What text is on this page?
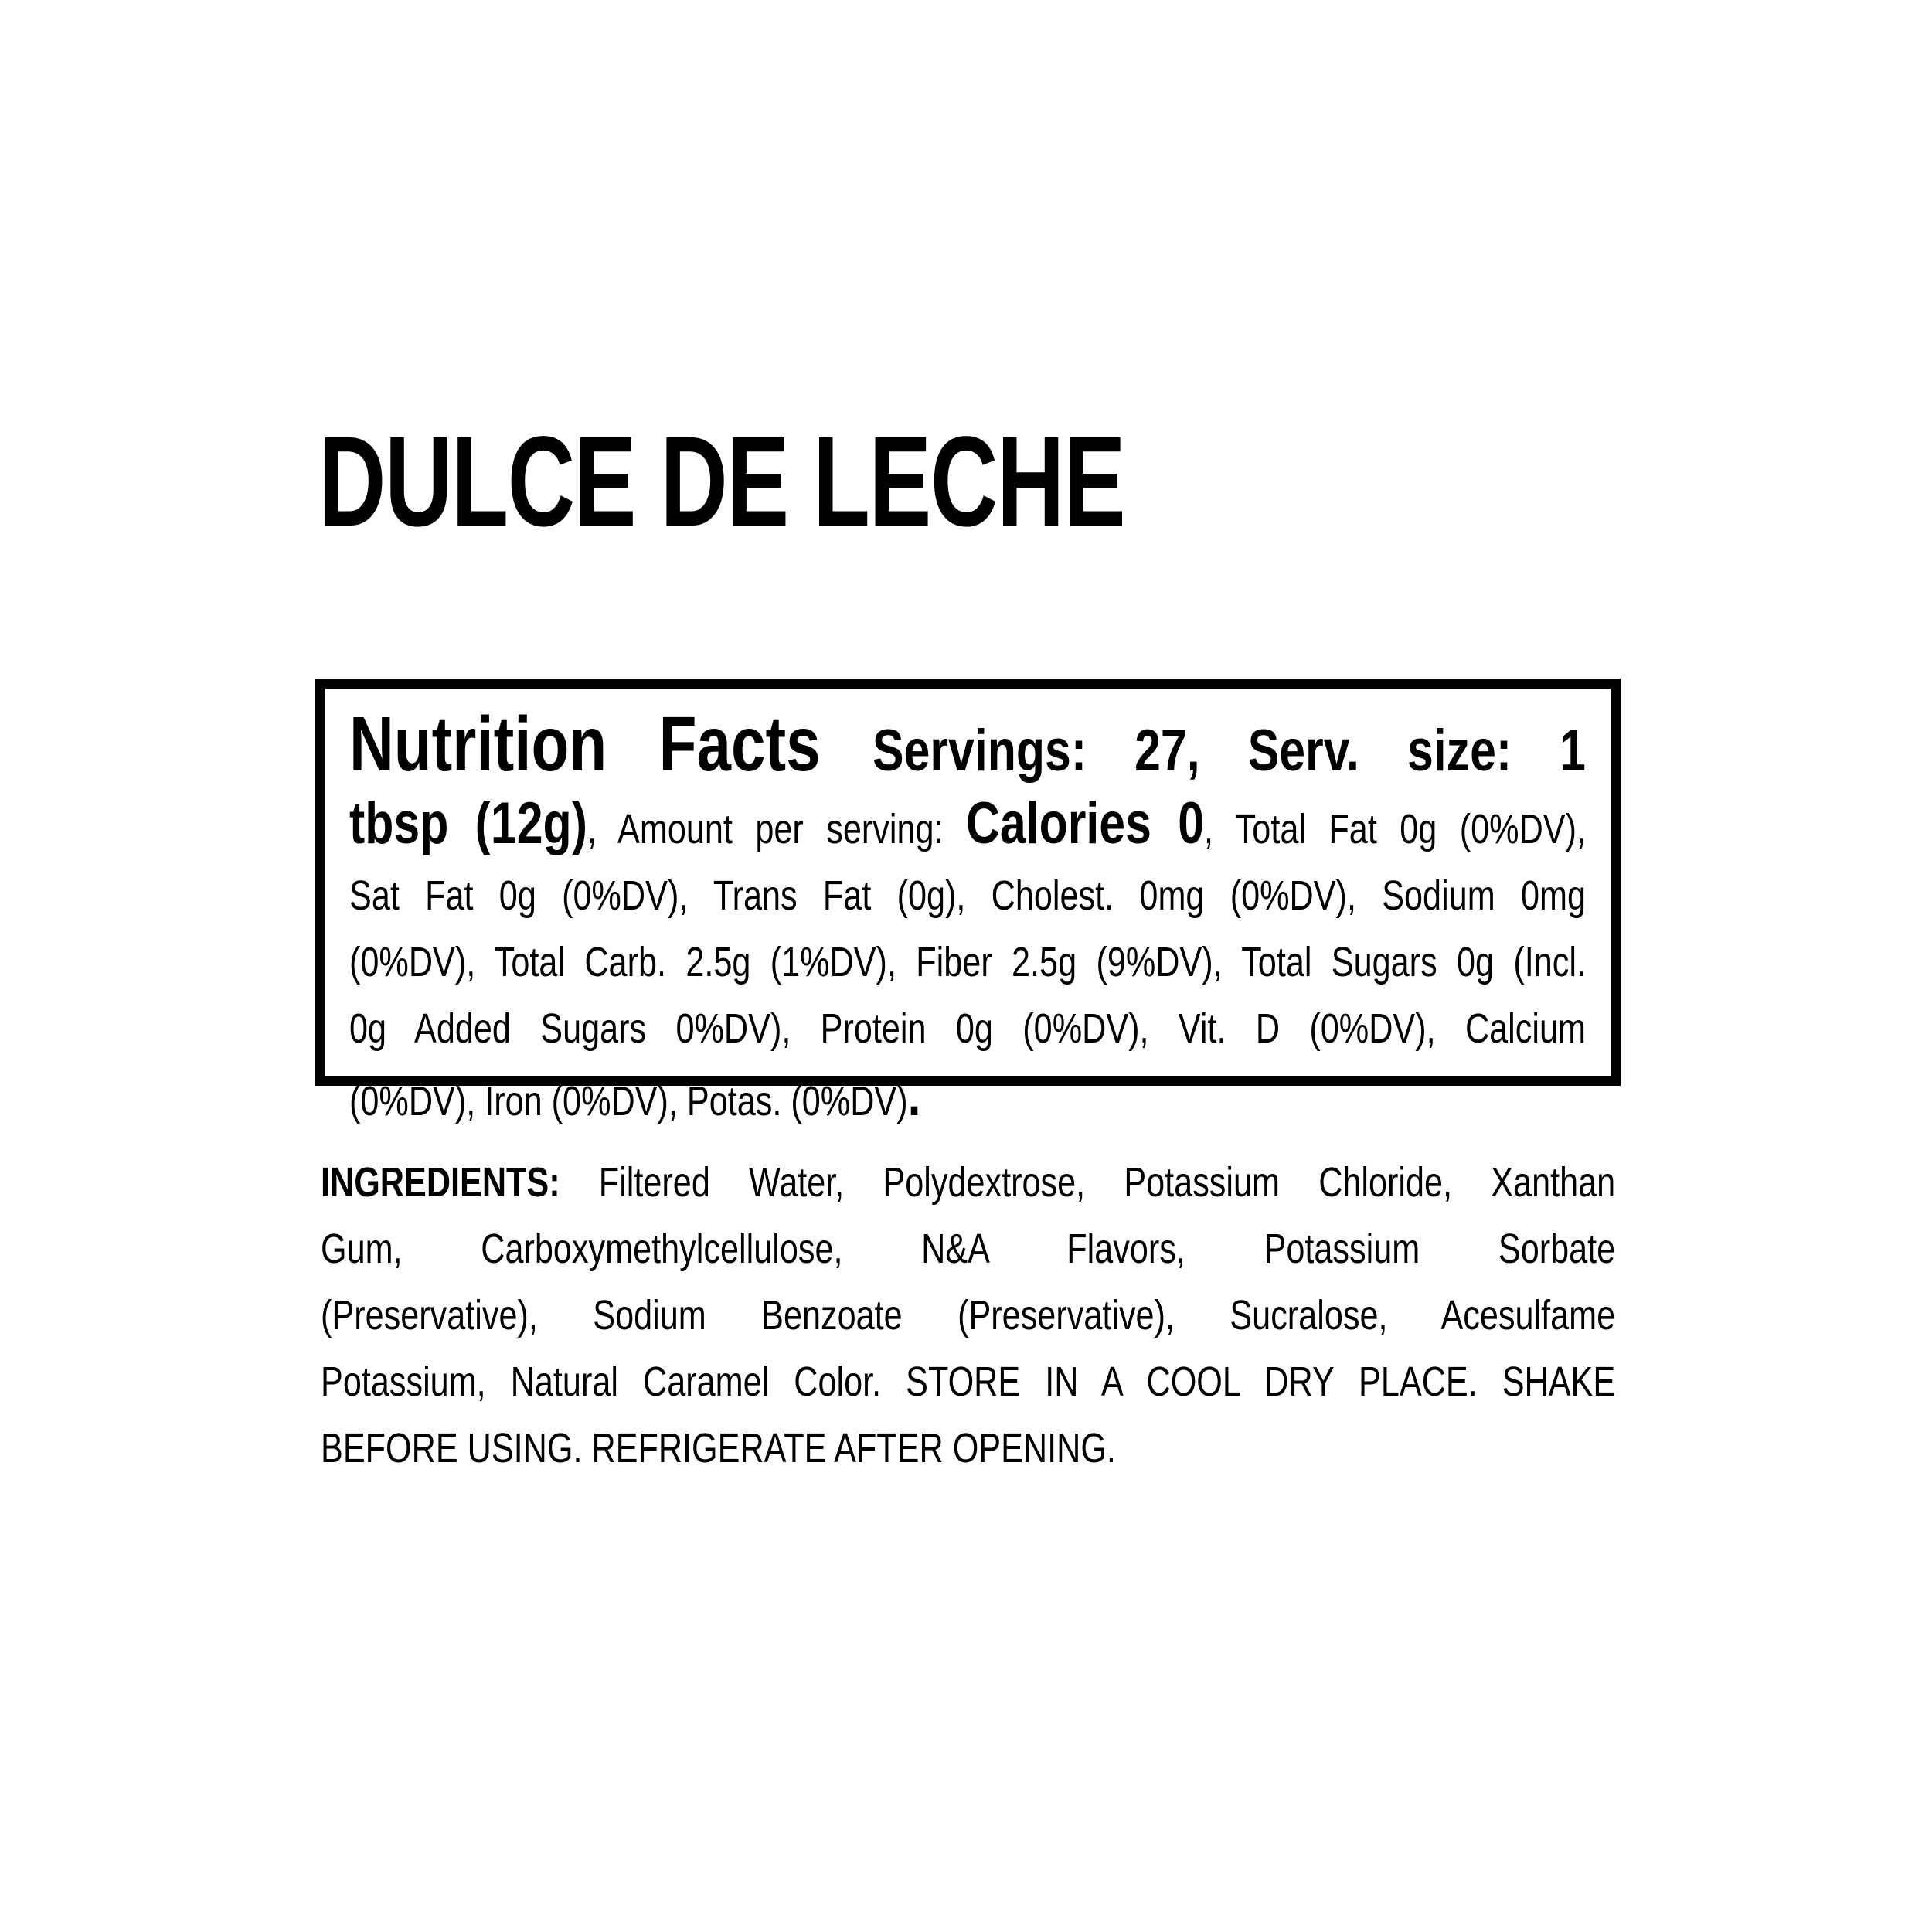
DULCE DE LECHE
Nutrition Facts Servings: 27, Serv. size: 1
tbsp (12g), Amount per serving: Calories 0, Total Fat 0g (0%DV),
Sat Fat 0g (0%DV), Trans Fat (0g), Cholest. 0mg (0%DV), Sodium 0mg
(0%DV), Total Carb. 2.5g (1%DV), Fiber 2.5g (9%DV), Total Sugars 0g (Incl.
0g Added Sugars 0%DV), Protein 0g (0%DV), Vit. D (0%DV), Calcium
(0%DV), Iron (0%DV), Potas. (0%DV).
INGREDIENTS: Filtered Water, Polydextrose, Potassium Chloride, Xanthan
Gum, Carboxymethylcellulose, N&A Flavors, Potassium Sorbate
(Preservative), Sodium Benzoate (Preservative), Sucralose, Acesulfame
Potassium, Natural Caramel Color. STORE IN A COOL DRY PLACE. SHAKE
BEFORE USING. REFRIGERATE AFTER OPENING.
